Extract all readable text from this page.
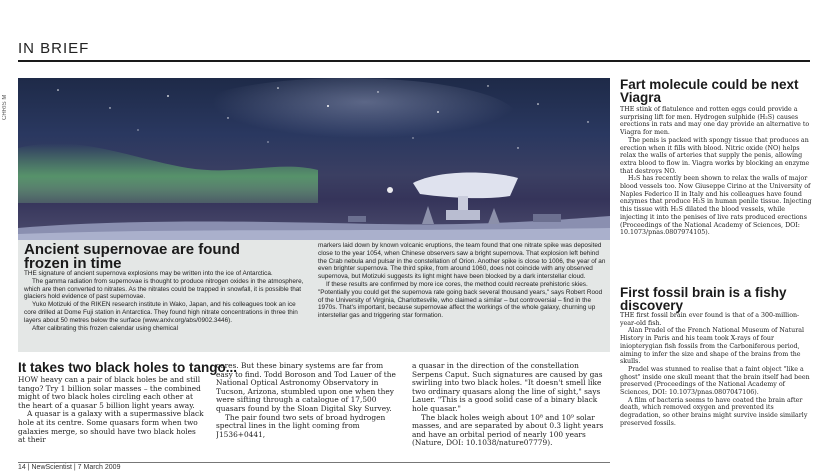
IN BRIEF
CHRIS M
Ancient supernovae are found frozen in time

THE signature of ancient supernova explosions may be written into the ice of Antarctica.

The gamma radiation from supernovae is thought to produce nitrogen oxides in the atmosphere, which are then converted to nitrates. As the nitrates could be trapped in snowfall, it is possible that glaciers hold evidence of past supernovae.

Yuko Motizuki of the RIKEN research institute in Wako, Japan, and his colleagues took an ice core drilled at Dome Fuji station in Antarctica. They found high nitrate concentrations in three thin layers about 50 metres below the surface (www.arxiv.org/abs/0902.3446).

After calibrating this frozen calendar using chemical

markers laid down by known volcanic eruptions, the team found that one nitrate spike was deposited close to the year 1054, when Chinese observers saw a bright supernova. That explosion left behind the Crab nebula and pulsar in the constellation of Orion. Another spike is close to 1006, the year of an even brighter supernova. The third spike, from around 1060, does not coincide with any observed supernova, but Motizuki suggests its light might have been blocked by a dark interstellar cloud.

If these results are confirmed by more ice cores, the method could recreate prehistoric skies. "Potentially you could get the supernova rate going back several thousand years," says Robert Rood of the University of Virginia, Charlottesville, who claimed a similar – but controversial – find in the 1970s. That's important, because supernovae affect the workings of the whole galaxy, churning up interstellar gas and triggering star formation.

Fart molecule could be next Viagra

THE stink of flatulence and rotten eggs could provide a surprising lift for men. Hydrogen sulphide (H₂S) causes erections in rats and may one day provide an alternative to Viagra for men.

The penis is packed with spongy tissue that produces an erection when it fills with blood. Nitric oxide (NO) helps relax the walls of arteries that supply the penis, allowing extra blood to flow in. Viagra works by blocking an enzyme that destroys NO.

H₂S has recently been shown to relax the walls of major blood vessels too. Now Giuseppe Cirino at the University of Naples Federico II in Italy and his colleagues have found enzymes that produce H₂S in human penile tissue. Injecting this tissue with H₂S dilated the blood vessels, while injecting it into the penises of live rats produced erections (Proceedings of the National Academy of Sciences, DOI: 10.1073/pnas.0807974105).

First fossil brain is a fishy discovery

THE first fossil brain ever found is that of a 300-million-year-old fish.

Alan Pradel of the French National Museum of Natural History in Paris and his team took X-rays of four iniopterygian fish fossils from the Carboniferous period, aiming to infer the size and shape of the brains from the skulls.

Pradel was stunned to realise that a faint object "like a ghost" inside one skull meant that the brain itself had been preserved (Proceedings of the National Academy of Sciences, DOI: 10.1073/pnas.0807047106).

A film of bacteria seems to have coated the brain after death, which removed oxygen and prevented its degradation, so other brains might survive inside similarly preserved fossils.

It takes two black holes to tango...

HOW heavy can a pair of black holes be and still tango? Try 1 billion solar masses – the combined might of two black holes circling each other at the heart of a quasar 5 billion light years away.

A quasar is a galaxy with a supermassive black hole at its centre. Some quasars form when two galaxies merge, so should have two black holes at their

cores. But these binary systems are far from easy to find. Todd Boroson and Tod Lauer of the National Optical Astronomy Observatory in Tucson, Arizona, stumbled upon one when they were sifting through a catalogue of 17,500 quasars found by the Sloan Digital Sky Survey.

The pair found two sets of broad hydrogen spectral lines in the light coming from J1536+0441,

a quasar in the direction of the constellation Serpens Caput. Such signatures are caused by gas swirling into two black holes. "It doesn't smell like two ordinary quasars along the line of sight," says Lauer. "This is a good solid case of a binary black hole quasar."

The black holes weigh about 10⁸ and 10⁹ solar masses, and are separated by about 0.3 light years and have an orbital period of nearly 100 years (Nature, DOI: 10.1038/nature07779).

14 | NewScientist | 7 March 2009
